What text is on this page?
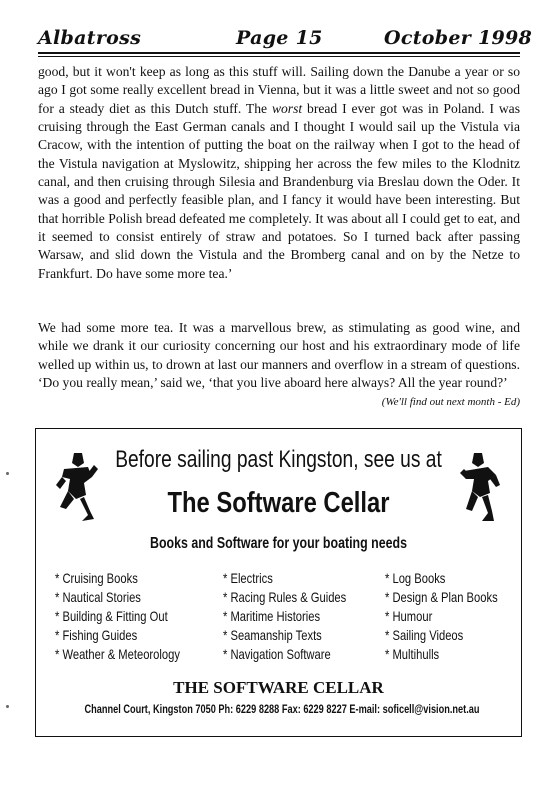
Albatross	Page 15	October 1998
good, but it won't keep as long as this stuff will. Sailing down the Danube a year or so ago I got some really excellent bread in Vienna, but it was a little sweet and not so good for a steady diet as this Dutch stuff. The worst bread I ever got was in Poland. I was cruising through the East German canals and I thought I would sail up the Vistula via Cracow, with the intention of putting the boat on the railway when I got to the head of the Vistula navigation at Myslowitz, shipping her across the few miles to the Klodnitz canal, and then cruising through Silesia and Brandenburg via Breslau down the Oder. It was a good and perfectly feasible plan, and I fancy it would have been interesting. But that horrible Polish bread defeated me completely. It was about all I could get to eat, and it seemed to consist entirely of straw and potatoes. So I turned back after passing Warsaw, and slid down the Vistula and the Bromberg canal and on by the Netze to Frankfurt. Do have some more tea.’
We had some more tea. It was a marvellous brew, as stimulating as good wine, and while we drank it our curiosity concerning our host and his extraordinary mode of life welled up within us, to drown at last our manners and overflow in a stream of questions. ‘Do you really mean,’ said we, ‘that you live aboard here always? All the year round?’
(We'll find out next month - Ed)
Before sailing past Kingston, see us at
The Software Cellar
Books and Software for your boating needs
* Cruising Books
* Nautical Stories
* Building & Fitting Out
* Fishing Guides
* Weather & Meteorology
* Electrics
* Racing Rules & Guides
* Maritime Histories
* Seamanship Texts
* Navigation Software
* Log Books
* Design & Plan Books
* Humour
* Sailing Videos
* Multihulls
THE SOFTWARE CELLAR
Channel Court, Kingston 7050 Ph: 6229 8288 Fax: 6229 8227 E-mail: soficell@vision.net.au
